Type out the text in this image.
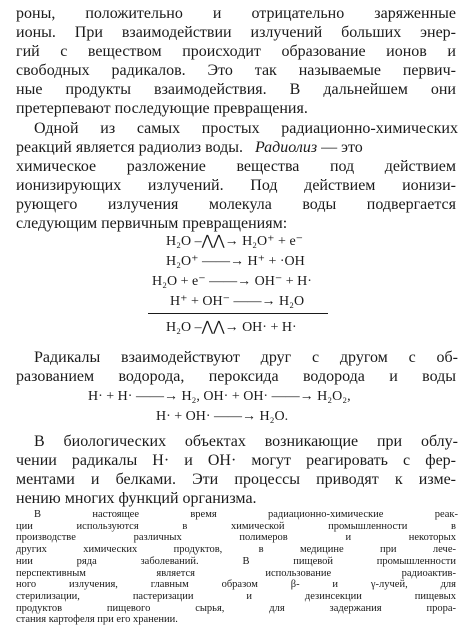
роны, положительно и отрицательно заряженные
ионы. При взаимодействии излучений больших энер-
гий с веществом происходит образование ионов и
свободных радикалов. Это так называемые первич-
ные продукты взаимодействия. В дальнейшем они
претерпевают последующие превращения.
Одной из самых простых радиационно-химических
реакций является радиолиз воды. Радиолиз — это
химическое разложение вещества под действием
ионизирующих излучений. Под действием ионизи-
рующего излучения молекула воды подвергается
следующим первичным превращениям:
H₂O –⋀⋀→ H₂O⁺ + e⁻
H₂O⁺ ——→ H⁺ + ·OH
H₂O + e⁻ ——→ OH⁻ + H·
H⁺ + OH⁻ ——→ H₂O
H₂O –⋀⋀→ OH· + H·
Радикалы взаимодействуют друг с другом с об-
разованием водорода, пероксида водорода и воды
H· + H· ——→ H₂, OH· + OH· ——→ H₂O₂,
H· + OH· ——→ H₂O.
В биологических объектах возникающие при облу-
чении радикалы H· и OH· могут реагировать с фер-
ментами и белками. Эти процессы приводят к изме-
нению многих функций организма.
В настоящее время радиационно-химические реак-
ции используются в химической промышленности в
производстве различных полимеров и некоторых
других химических продуктов, в медицине при лече-
нии ряда заболеваний. В пищевой промышленности
перспективным является использование радиоактив-
ного излучения, главным образом β- и γ-лучей, для
стерилизации, пастеризации и дезинсекции пищевых
продуктов пищевого сырья, для задержания прора-
стания картофеля при его хранении.
